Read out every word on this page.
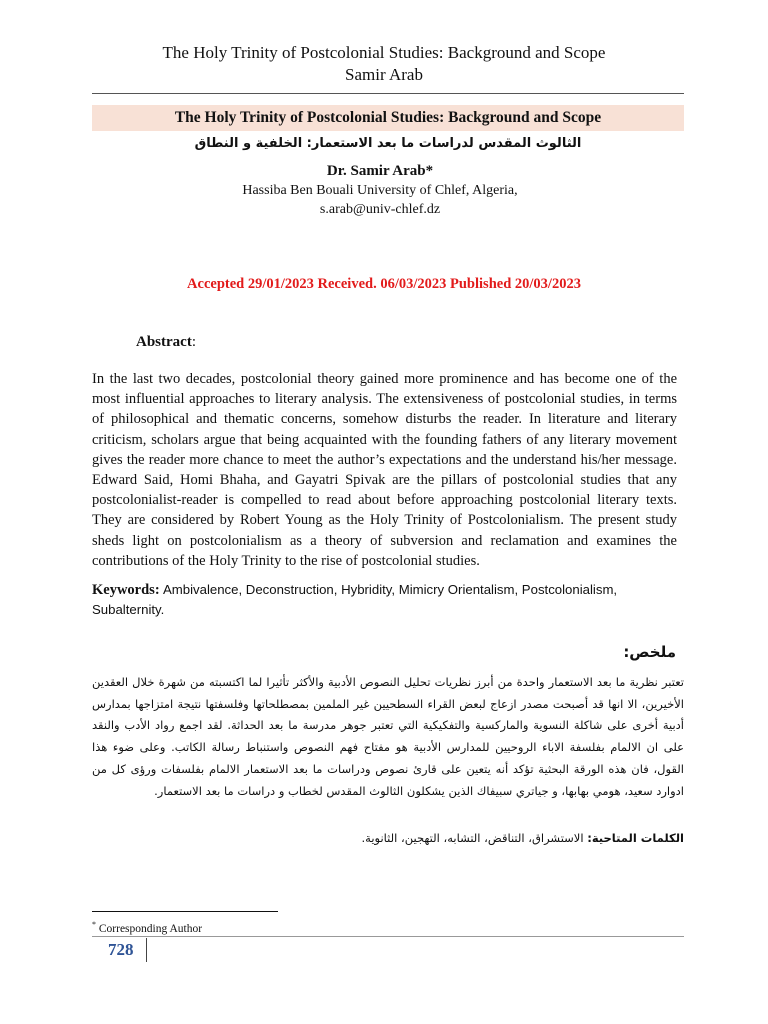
The Holy Trinity of Postcolonial Studies: Background and Scope
Samir Arab
The Holy Trinity of Postcolonial Studies: Background and Scope
الثالوث المقدس لدراسات ما بعد الاستعمار: الخلفية و النطاق
Dr. Samir Arab*
Hassiba Ben Bouali University of Chlef, Algeria,
s.arab@univ-chlef.dz
Accepted 29/01/2023 Received. 06/03/2023 Published 20/03/2023
Abstract:
In the last two decades, postcolonial theory gained more prominence and has become one of the most influential approaches to literary analysis. The extensiveness of postcolonial studies, in terms of philosophical and thematic concerns, somehow disturbs the reader. In literature and literary criticism, scholars argue that being acquainted with the founding fathers of any literary movement gives the reader more chance to meet the author’s expectations and the understand his/her message. Edward Said, Homi Bhaha, and Gayatri Spivak are the pillars of postcolonial studies that any postcolonialist-reader is compelled to read about before approaching postcolonial literary texts. They are considered by Robert Young as the Holy Trinity of Postcolonialism. The present study sheds light on postcolonialism as a theory of subversion and reclamation and examines the contributions of the Holy Trinity to the rise of postcolonial studies.
Keywords: Ambivalence, Deconstruction, Hybridity, Mimicry Orientalism, Postcolonialism, Subalternity.
ملخص:
تعتبر نظرية ما بعد الاستعمار واحدة من أبرز نظريات تحليل النصوص الأدبية والأكثر تأثيرا لما اكتسبته من شهرة خلال العقدين الأخيرين، الا انها قد أصبحت مصدر ازعاج لبعض القراء السطحيين غير الملمين بمصطلحاتها وفلسفتها نتيجة امتزاجها بمدارس أدبية أخرى على شاكلة النسوية والماركسية والتفكيكية التي تعتبر جوهر مدرسة ما بعد الحداثة. لقد اجمع رواد الأدب والنقد على ان الالمام بفلسفة الاباء الروحيين للمدارس الأدبية هو مفتاح فهم النصوص واستنباط رسالة الكاتب. وعلى ضوء هذا القول، فان هذه الورقة البحثية تؤكد أنه يتعين على قارئ نصوص ودراسات ما بعد الاستعمار الالمام بفلسفات ورؤى كل من ادوارد سعيد، هومي بهابها، و جياتري سبيفاك الذين يشكلون الثالوث المقدس لخطاب و دراسات ما بعد الاستعمار.
الكلمات المتاحية: الاستشراق، التناقض، التشابه، التهجين، الثانوية.
* Corresponding Author
728
